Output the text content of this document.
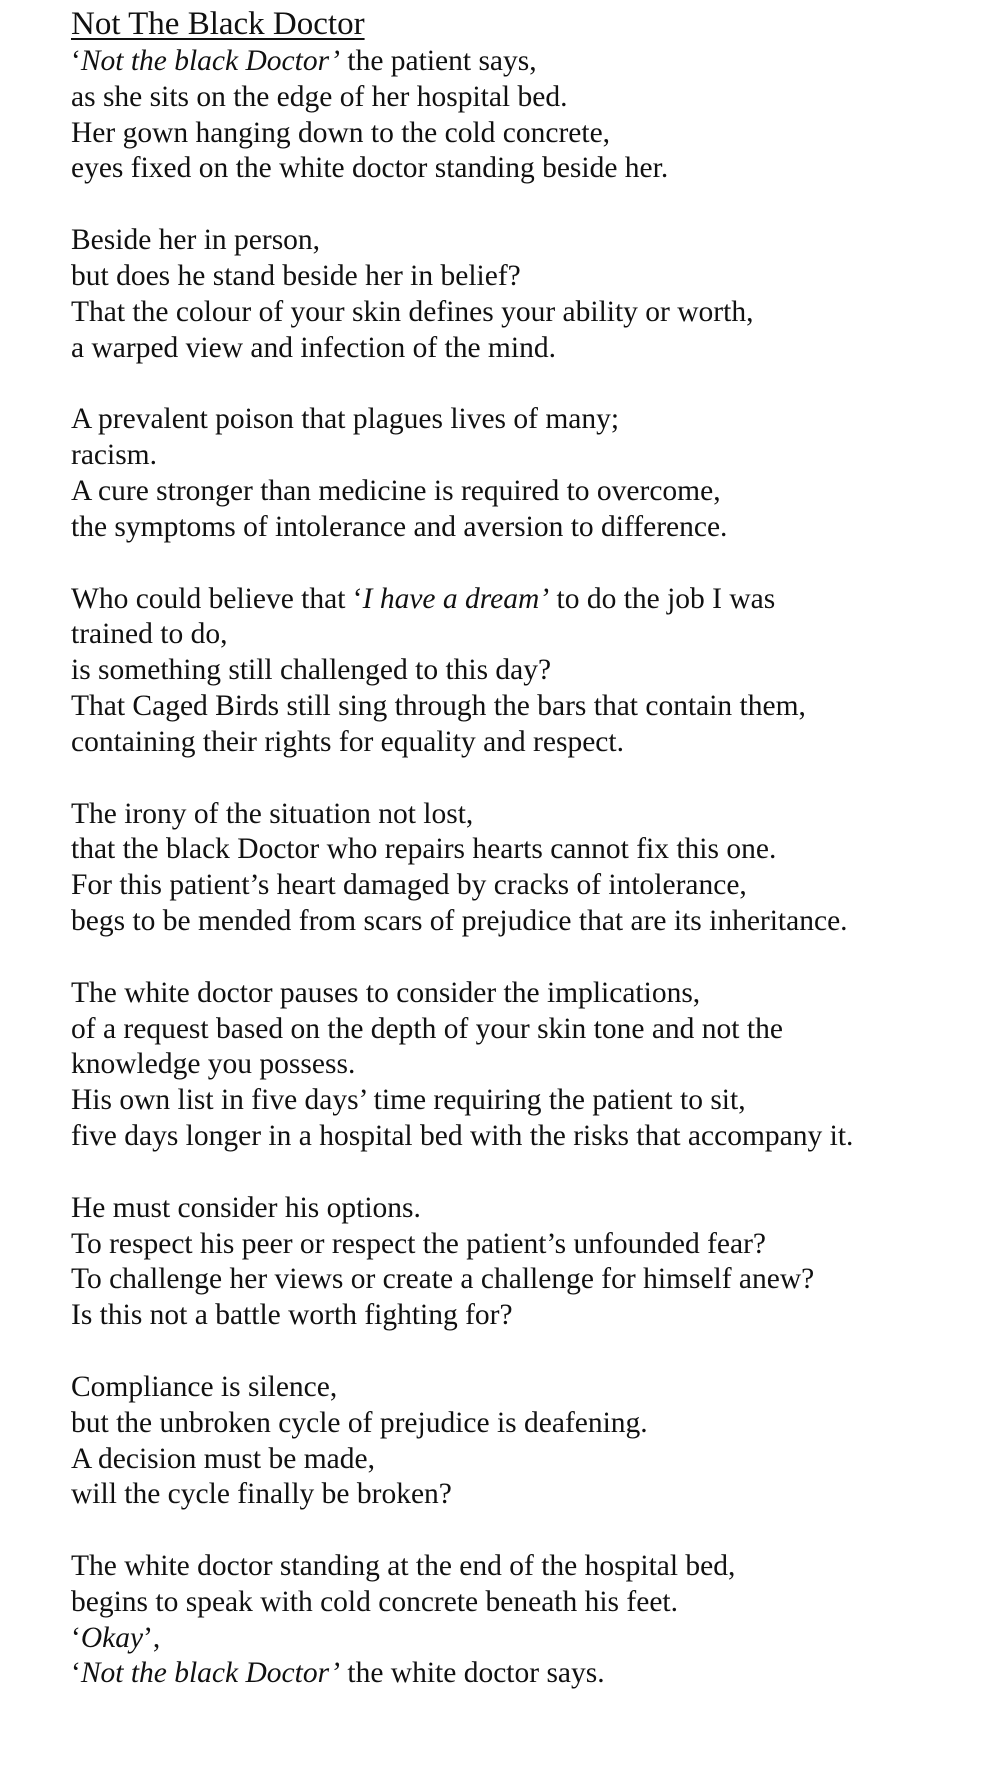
Not The Black Doctor

‘Not the black Doctor’ the patient says,
as she sits on the edge of her hospital bed.
Her gown hanging down to the cold concrete,
eyes fixed on the white doctor standing beside her.

Beside her in person,
but does he stand beside her in belief?
That the colour of your skin defines your ability or worth,
a warped view and infection of the mind.

A prevalent poison that plagues lives of many;
racism.
A cure stronger than medicine is required to overcome,
the symptoms of intolerance and aversion to difference.

Who could believe that ‘I have a dream’ to do the job I was
trained to do,
is something still challenged to this day?
That Caged Birds still sing through the bars that contain them,
containing their rights for equality and respect.

The irony of the situation not lost,
that the black Doctor who repairs hearts cannot fix this one.
For this patient’s heart damaged by cracks of intolerance,
begs to be mended from scars of prejudice that are its inheritance.

The white doctor pauses to consider the implications,
of a request based on the depth of your skin tone and not the
knowledge you possess.
His own list in five days’ time requiring the patient to sit,
five days longer in a hospital bed with the risks that accompany it.

He must consider his options.
To respect his peer or respect the patient’s unfounded fear?
To challenge her views or create a challenge for himself anew?
Is this not a battle worth fighting for?

Compliance is silence,
but the unbroken cycle of prejudice is deafening.
A decision must be made,
will the cycle finally be broken?

The white doctor standing at the end of the hospital bed,
begins to speak with cold concrete beneath his feet.
‘Okay’,
‘Not the black Doctor’ the white doctor says.
